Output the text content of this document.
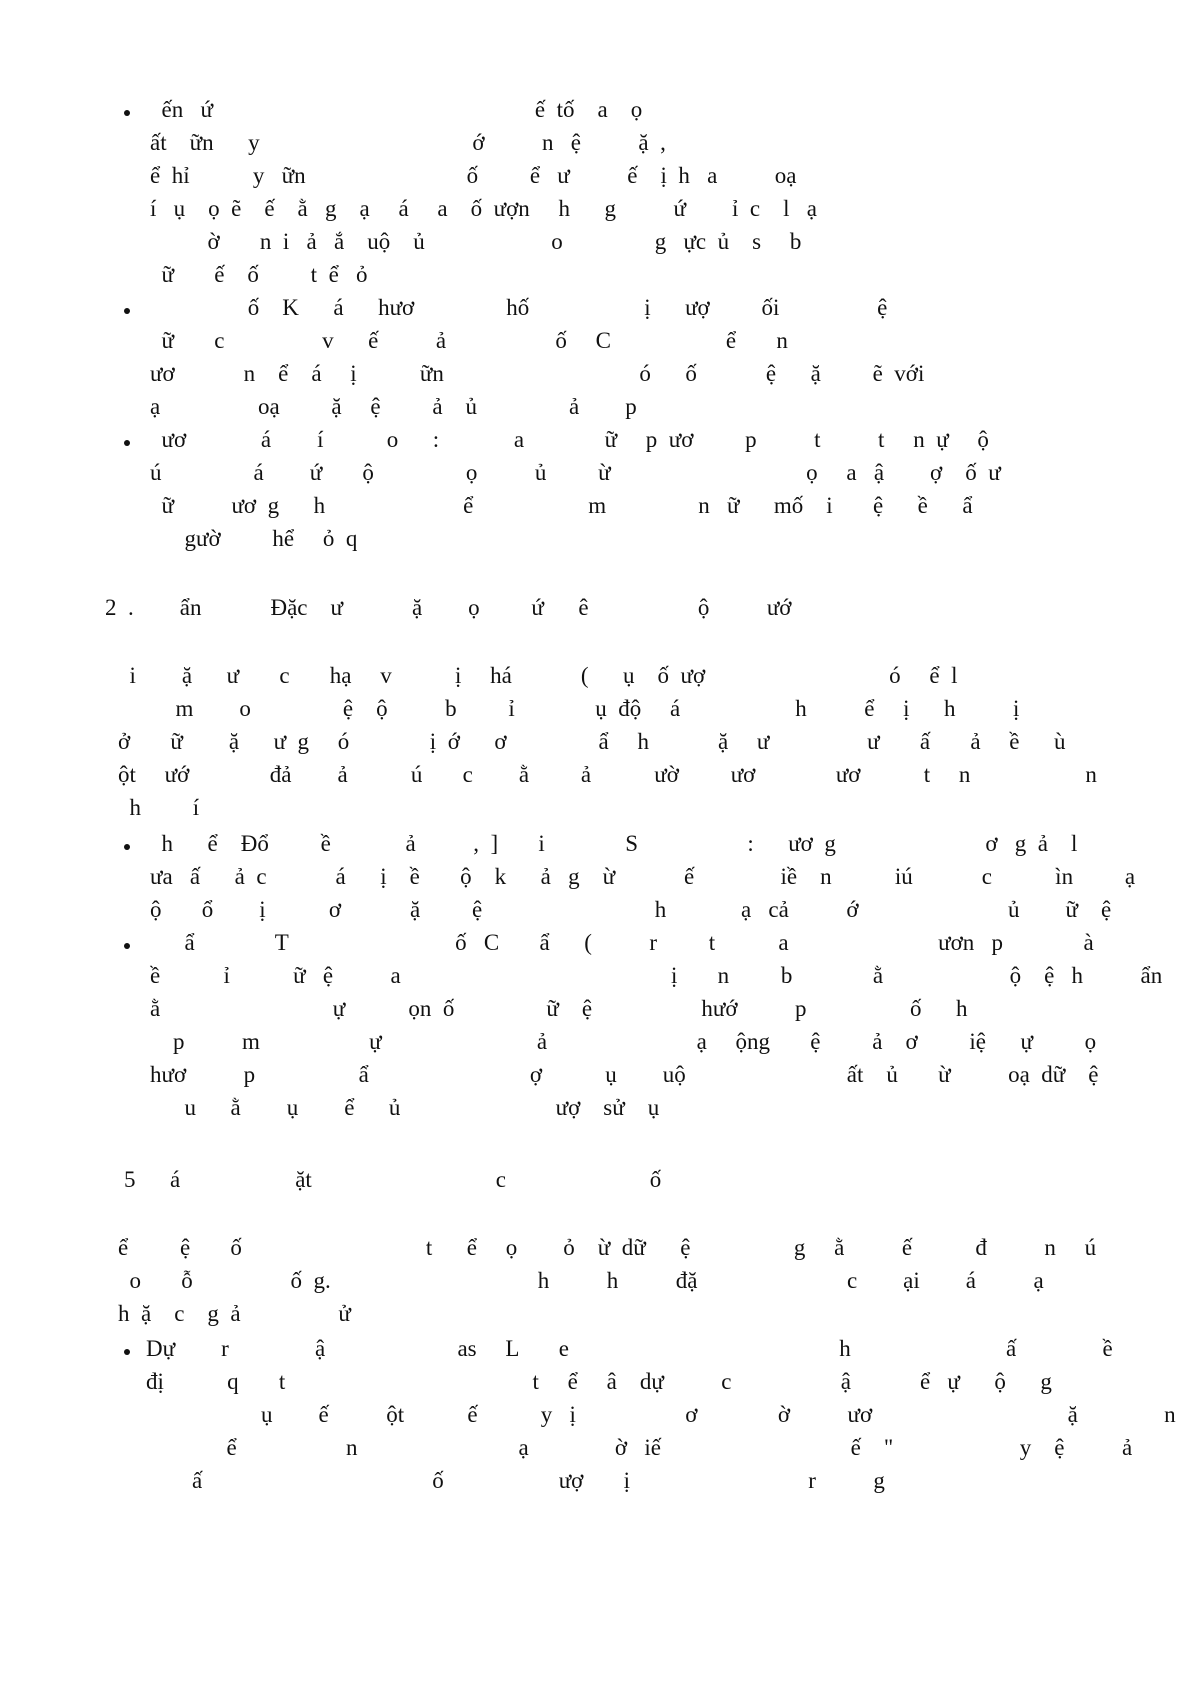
ến   ứ                                                        ế  tố    a    ọ
ất    ữn      y                                     ớ          n   ệ          ặ  ,
ể  hỉ           y   ữn                            ố         ể   ư          ế    ị  h   a          oạ
í   ụ    ọ  ẽ    ế    ằ   g    ạ     á     a    ố  ượn     h      g          ứ        ỉ  c    l   ạ
ờ       n  i   ả   ắ    uộ    ủ                      o                g   ực  ủ    s     b
ữ       ế    ố         t  ể   ỏ
ố    K      á      hươ                hố                    ị      ượ         ối                 ệ
ữ       c                 v      ế          ả                   ố     C                    ể       n
ươ            n    ể    á     ị           ữn                                  ó      ố            ệ      ặ         ẽ  với
ạ                 oạ         ặ     ệ         ả    ủ                ả        p
ươ             á        í           o      :             a              ữ     p  ươ         p          t          t     n  ự     ộ
ú                á        ứ       ộ                ọ          ủ         ừ                                  ọ     a   ậ        ợ    ố  ư
ữ          ươ  g      h                        ể                    m                n   ữ      mố    i       ệ      ề      ẩ
gườ         hể     ỏ  q
2  .        ẩn            Đặc    ư            ặ        ọ         ứ      ê                   ộ          ướ
i        ặ      ư       c       hạ     v           ị     há            (      ụ    ố  ượ                                ó     ể  l
m        o                ệ    ộ          b         ỉ              ụ  độ     á                    h          ể     ị      h          ị
ở       ữ        ặ      ư  g     ó              ị  ớ      ơ                ẩ     h            ặ     ư                 ư       ấ       ả     ề      ù
ột     ướ              đả        ả           ú       c        ằ         ả           ườ         ươ              ươ           t     n                    n
h         í
h      ể    Đổ         ề             ả          ,  ]       i              S                   :      ươ  g                          ơ   g  ả    l
ưa   ấ      ả  c            á      ị    ề       ộ    k      ả   g    ừ            ế               iề    n           iú            c           ìn         ạ
ộ       ổ        ị           ơ            ặ         ệ                              h             ạ   cả          ớ                          ủ        ữ    ệ
ẩ              T                             ố   C       ẩ      (          r         t           a                          ươn   p              à
ề           ỉ           ữ   ệ          a                                               ị       n         b              ằ                      ộ    ệ   h          ẩn
ằ                              ự           ọn  ố                ữ    ệ                   hướ          p                  ố      h
p          m                   ự                           ả                          ạ     ộng       ệ         ả    ơ         iệ      ự         ọ
hươ          p                  ẩ                            ợ           ụ        uộ                            ất    ủ       ừ          oạ  dữ    ệ
u      ằ        ụ        ể      ủ                           ượ    sử    ụ
5      á                    ặt                                c                         ố
ể         ệ       ố                                t      ể     ọ        ỏ    ừ  dữ      ệ                  g     ằ          ế           đ          n     ú
o       ỗ                 ố  g.                                    h          h          đặ                          c        ại        á          ạ
h  ặ    c    g  ả                 ử
Dự        r               ậ                       as     L       e                                               h                           ấ               ề
đị           q       t                                           t     ể     â    dự          c                   ậ            ể   ự      ộ      g
ụ        ế          ột           ế           y   ị                   ơ              ờ          ươ                                  ặ               n
ể                   n                            ạ               ờ   iế                                 ế    "                      y    ệ          ả
ấ                                        ố                    ượ       ị                               r          g
